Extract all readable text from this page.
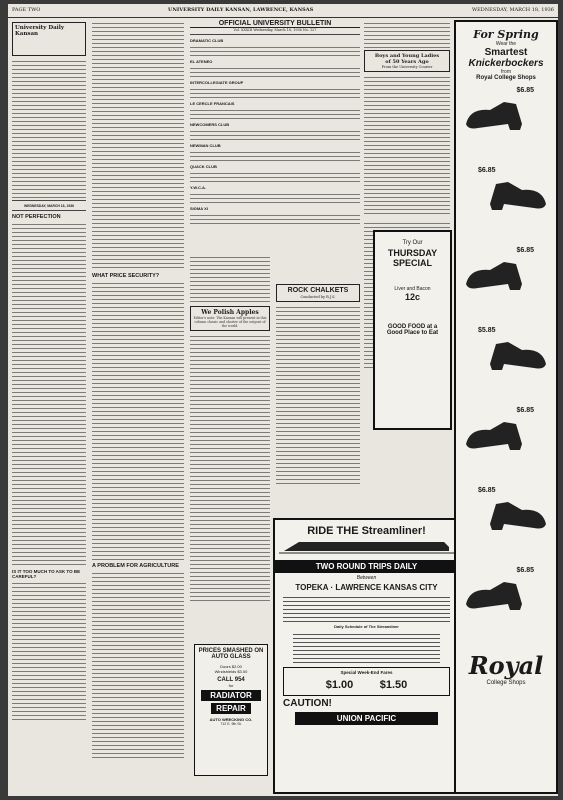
PAGE TWO	UNIVERSITY DAILY KANSAN, LAWRENCE, KANSAS	WEDNESDAY, MARCH 18, 1936
University Daily Kansan

WEDNESDAY, MARCH 18, 1936
NOT PERFECTION
IS IT TOO MUCH TO ASK TO BE CAREFUL?
WHAT PRICE SECURITY?
A PROBLEM FOR AGRICULTURE
OFFICIAL UNIVERSITY BULLETIN
Vol. XXXIII Wednesday, March 18, 1936 No. 127
DRAMATIC CLUB
EL ATENEO
INTERCOLLEGIATE GROUP
LE CERCLE FRANCAIS
NEWCOMERS CLUB
NEWMAN CLUB
QUACK CLUB
Y.W.C.A.
SIGMA XI
We Polish Apples

Editor's note: The Kansan will present in this column classic and shorter of the outpost of the world.

ROCK CHALKETS
Conducted by R.J.S.
PRICES SMASHED ON AUTO GLASS
Doors $2.00
Windshields $3.00
CALL 954
for
RADIATOR
REPAIR
AUTO WRECKING CO.
712 E. 9th St.
RIDE THE Streamliner!
TWO ROUND TRIPS DAILY
Between
TOPEKA · LAWRENCE KANSAS CITY
Daily Schedule of The Streamliner
Special Week-End Fares
$1.00 $1.50
CAUTION!
UNION PACIFIC
Boys and Young Ladies
of 50 Years Ago
From the University Courier
Try Our
THURSDAY
SPECIAL
Liver and Bacon
12c
GOOD FOOD at a Good Place to Eat
For Spring
Wear the
Smartest
Knickerbockers
from
Royal College Shops
$6.85
$6.85
$6.85
$5.85
$6.85
$6.85
$6.85
Royal
College Shops
